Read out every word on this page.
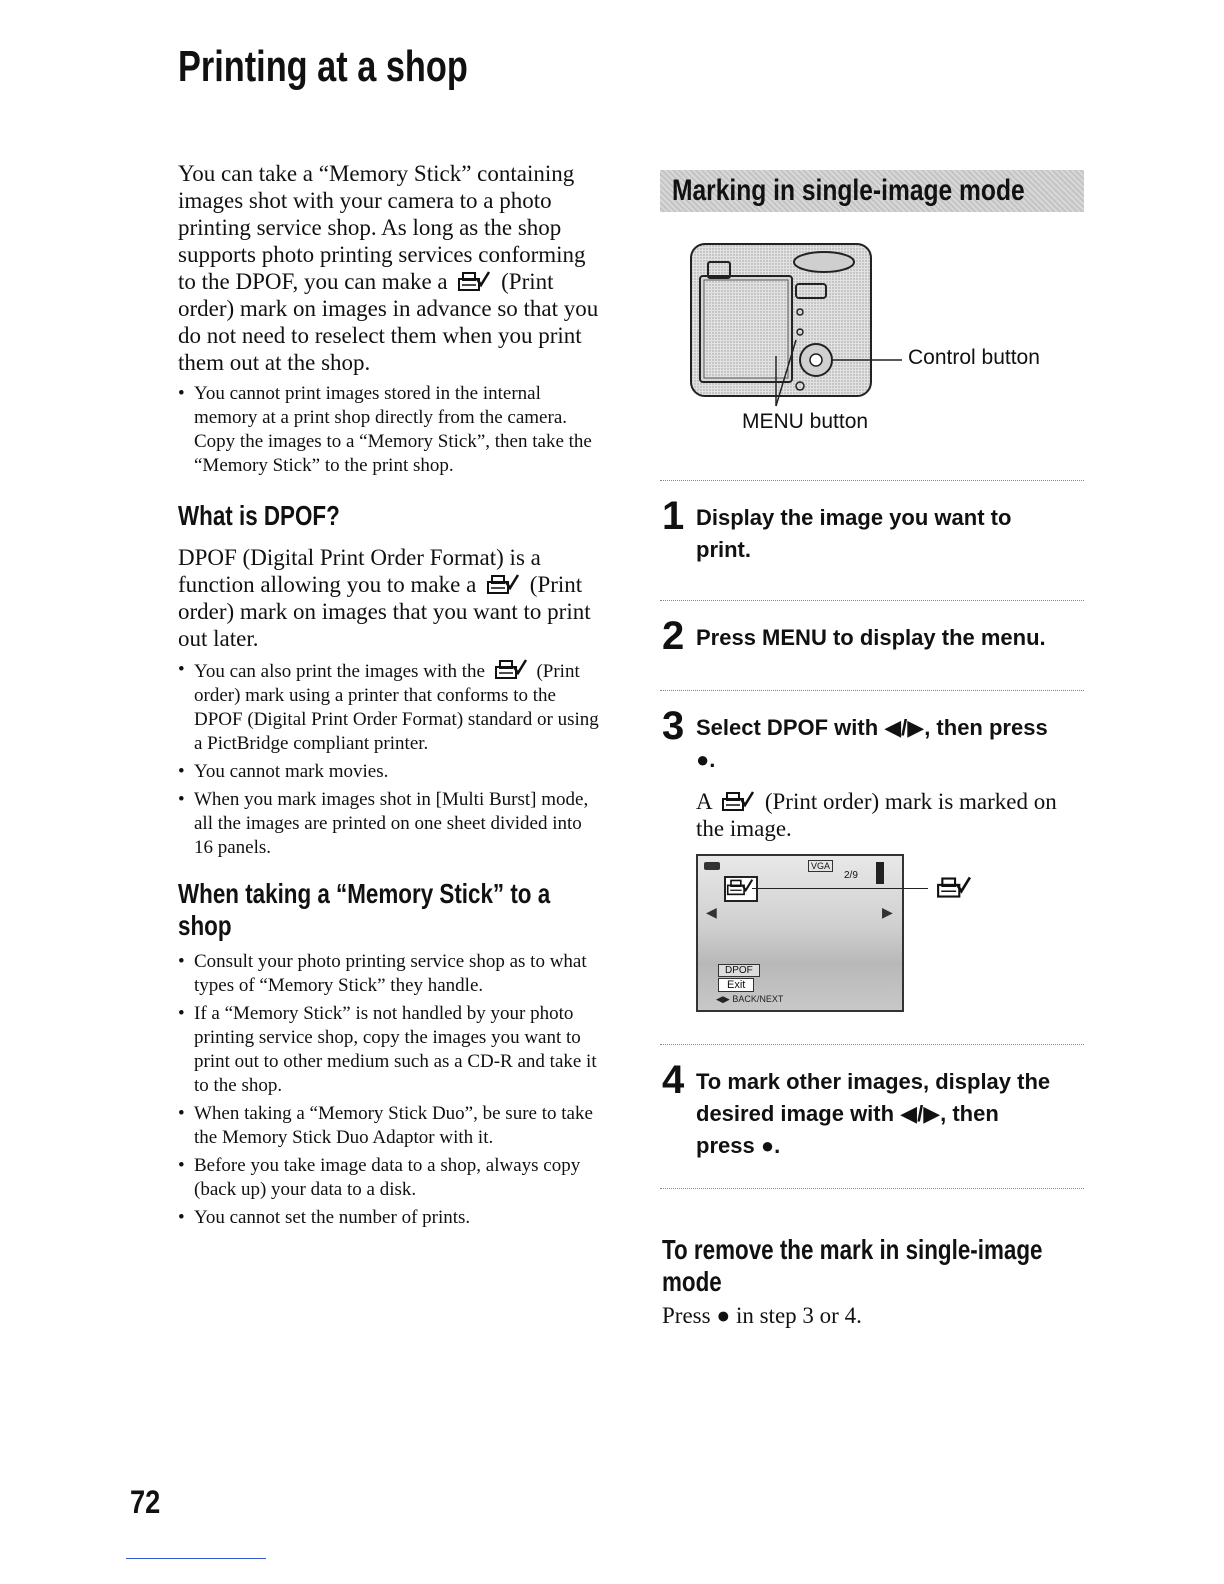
Printing at a shop

You can take a “Memory Stick” containing images shot with your camera to a photo printing service shop. As long as the shop supports photo printing services conforming to the DPOF, you can make a (Print order) mark on images in advance so that you do not need to reselect them when you print them out at the shop.

• You cannot print images stored in the internal memory at a print shop directly from the camera. Copy the images to a “Memory Stick”, then take the “Memory Stick” to the print shop.
What is DPOF?

DPOF (Digital Print Order Format) is a function allowing you to make a (Print order) mark on images that you want to print out later.

• You can also print the images with the	(Print order) mark using a printer that conforms to the DPOF (Digital Print Order Format) standard or using a PictBridge compliant printer.
• You cannot mark movies.
• When you mark images shot in [Multi Burst] mode, all the images are printed on one sheet divided into 16 panels.
When taking a “Memory Stick” to a
shop
• Consult your photo printing service shop as to what types of “Memory Stick” they handle.
• If a “Memory Stick” is not handled by your photo printing service shop, copy the images you want to print out to other medium such as a CD-R and take it to the shop.
• When taking a “Memory Stick Duo”, be sure to take the Memory Stick Duo Adaptor with it.
• Before you take image data to a shop, always copy (back up) your data to a disk.
• You cannot set the number of prints.
Marking in single-image mode
Control button
MENU button
1 Display the image you want to
print.
2 Press MENU to display the menu.
3 Select DPOF with ◀/▶, then press
●.

A (Print order) mark is marked on the image.

VGA
2/9
◀	▶
DPOF
Exit
◀▶ BACK/NEXT
4 To mark other images, display the
desired image with ◀/▶, then
press ●.
To remove the mark in single-image
mode

Press ● in step 3 or 4.

72
